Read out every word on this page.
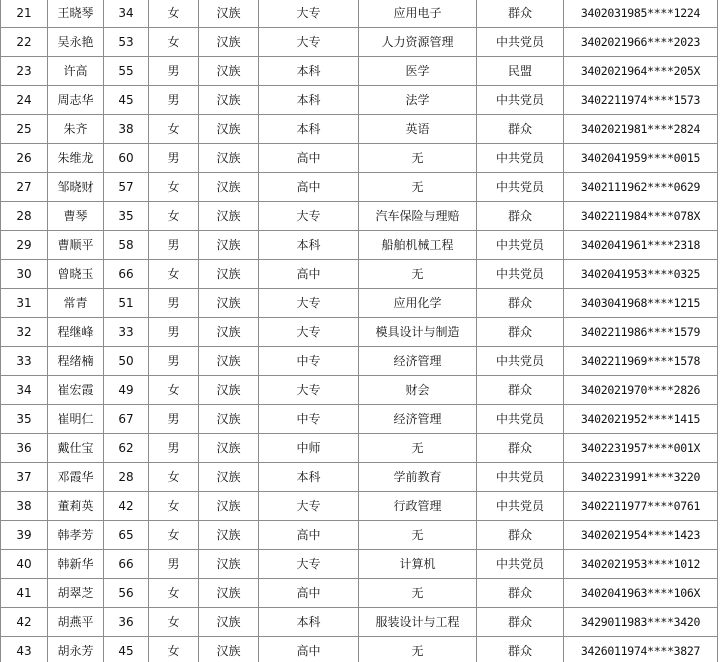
21	王晓琴	34	女	汉族	大专	应用电子	群众	3402031985****1224
22	吴永艳	53	女	汉族	大专	人力资源管理	中共党员	3402021966****2023
23	许高	55	男	汉族	本科	医学	民盟	3402021964****205X
24	周志华	45	男	汉族	本科	法学	中共党员	3402211974****1573
25	朱齐	38	女	汉族	本科	英语	群众	3402021981****2824
26	朱维龙	60	男	汉族	高中	无	中共党员	3402041959****0015
27	邹晓财	57	女	汉族	高中	无	中共党员	3402111962****0629
28	曹琴	35	女	汉族	大专	汽车保险与理赔	群众	3402211984****078X
29	曹顺平	58	男	汉族	本科	船舶机械工程	中共党员	3402041961****2318
30	曾晓玉	66	女	汉族	高中	无	中共党员	3402041953****0325
31	常青	51	男	汉族	大专	应用化学	群众	3403041968****1215
32	程继峰	33	男	汉族	大专	模具设计与制造	群众	3402211986****1579
33	程绪楠	50	男	汉族	中专	经济管理	中共党员	3402211969****1578
34	崔宏霞	49	女	汉族	大专	财会	群众	3402021970****2826
35	崔明仁	67	男	汉族	中专	经济管理	中共党员	3402021952****1415
36	戴仕宝	62	男	汉族	中师	无	群众	3402231957****001X
37	邓霞华	28	女	汉族	本科	学前教育	中共党员	3402231991****3220
38	董莉英	42	女	汉族	大专	行政管理	中共党员	3402211977****0761
39	韩孝芳	65	女	汉族	高中	无	群众	3402021954****1423
40	韩新华	66	男	汉族	大专	计算机	中共党员	3402021953****1012
41	胡翠芝	56	女	汉族	高中	无	群众	3402041963****106X
42	胡燕平	36	女	汉族	本科	服装设计与工程	群众	3429011983****3420
43	胡永芳	45	女	汉族	高中	无	群众	3426011974****3827
